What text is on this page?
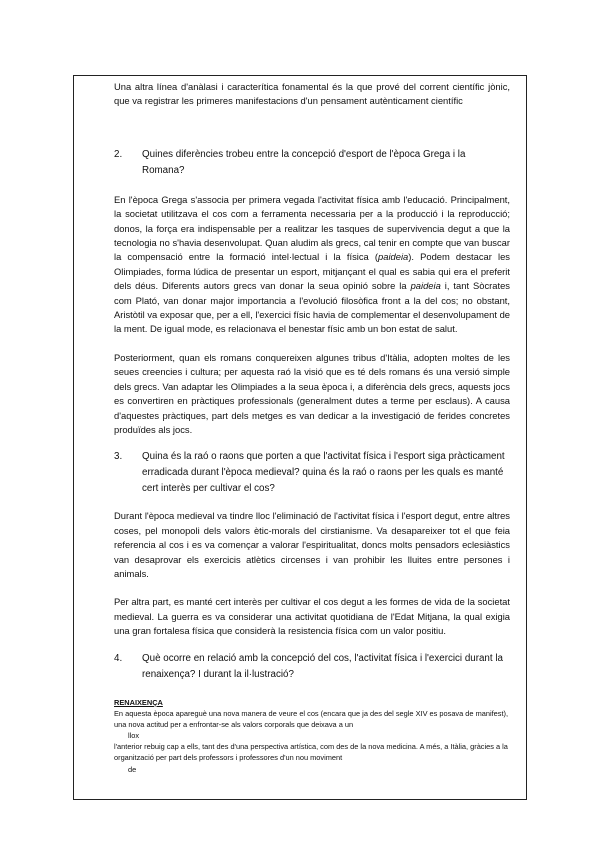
Una altra línea d'anàlasi i caracterítica fonamental és la que prové del corrent científic jònic, que va registrar les primeres manifestacions d'un pensament autènticament científic

2.	Quines diferències trobeu entre la concepció d'esport de l'època Grega i la Romana?

En l'època Grega s'associa per primera vegada l'activitat física amb l'educació. Principalment, la societat utilitzava el cos com a ferramenta necessaria per a la producció i la reproducció; donos, la força era indispensable per a realitzar les tasques de supervivencia degut a que la tecnologia no s'havia desenvolupat. Quan aludim als grecs, cal tenir en compte que van buscar la compensació entre la formació intel·lectual i la física (paideia). Podem destacar les Olimpiades, forma lúdica de presentar un esport, mitjançant el qual es sabia qui era el preferit dels déus. Diferents autors grecs van donar la seua opinió sobre la paideia i, tant Sòcrates com Plató, van donar major importancia a l'evolució filosòfica front a la del cos; no obstant, Aristòtil va exposar que, per a ell, l'exercici físic havia de complementar el desenvolupament de la ment. De igual mode, es relacionava el benestar físic amb un bon estat de salut.

Posteriorment, quan els romans conquereixen algunes tribus d'Itàlia, adopten moltes de les seues creencies i cultura; per aquesta raó la visió que es té dels romans és una versió simple dels grecs. Van adaptar les Olimpiades a la seua època i, a diferència dels grecs, aquests jocs es convertiren en pràctiques professionals (generalment dutes a terme per esclaus). A causa d'aquestes pràctiques, part dels metges es van dedicar a la investigació de ferides concretes produïdes als jocs.

3.	Quina és la raó o raons que porten a que l'activitat física i l'esport siga pràcticament erradicada durant l'època medieval? quina és la raó o raons per les quals es manté cert interès per cultivar el cos?

Durant l'època medieval va tindre lloc l'eliminació de l'activitat física i l'esport degut, entre altres coses, pel monopoli dels valors ètic-morals del cirstianisme. Va desapareixer tot el que feia referencia al cos i es va començar a valorar l'espiritualitat, doncs molts pensadors eclesiàstics van desaprovar els exercicis atlètics circenses i van prohibir les lluites entre persones i animals.

Per altra part, es manté cert interès per cultivar el cos degut a les formes de vida de la societat medieval. La guerra es va considerar una activitat quotidiana de l'Edat Mitjana, la qual exigia una gran fortalesa física que considerà la resistencia física com un valor positiu.

4.	Què ocorre en relació amb la concepció del cos, l'activitat física i l'exercici durant la renaixença? I durant la il·lustració?
RENAIXENÇA
En aquesta època apareguè una nova manera de veure el cos (encara que ja des del segle XIV es posava de manifest), una nova actitud per a enfrontar-se als valors corporals que deixava a un
llox
l'anterior rebuig cap a ells, tant des d'una perspectiva artística, com des de la nova medicina. A més, a Itàlia, gràcies a la organització per part dels professors i professores d'un nou moviment
de
